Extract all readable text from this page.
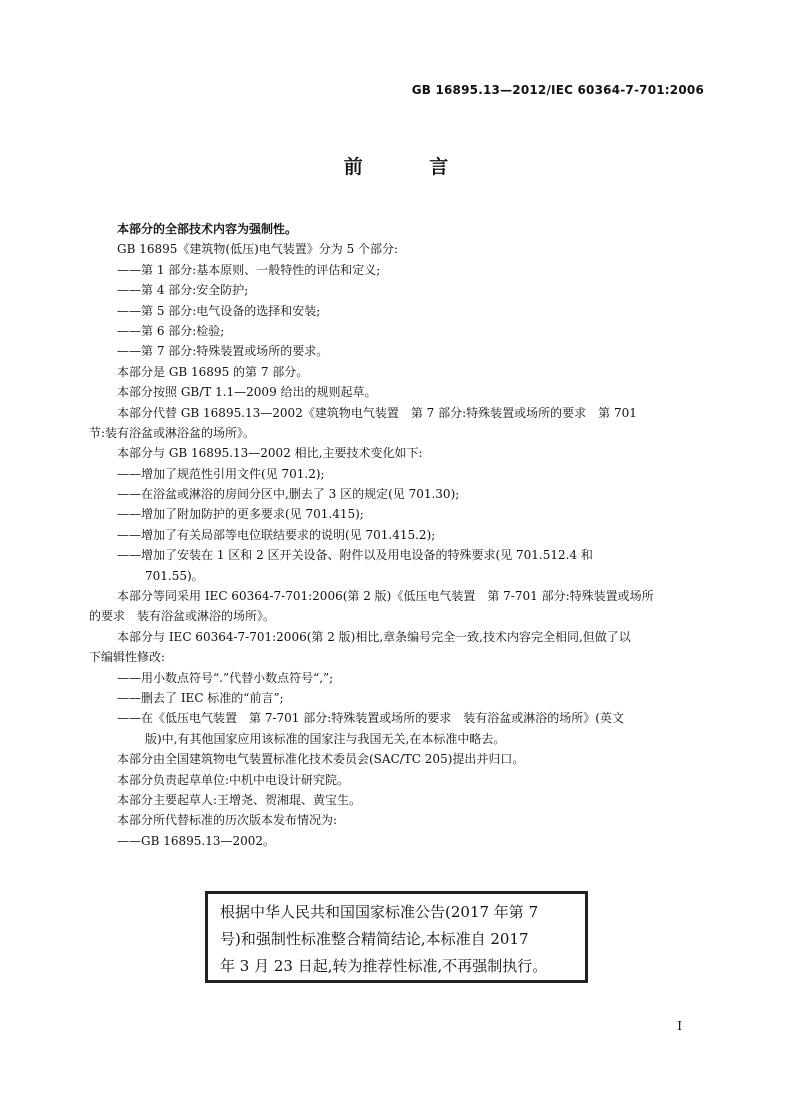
GB 16895.13—2012/IEC 60364-7-701:2006
前 言
本部分的全部技术内容为强制性。
GB 16895《建筑物(低压)电气装置》分为 5 个部分:
——第 1 部分:基本原则、一般特性的评估和定义;
——第 4 部分:安全防护;
——第 5 部分:电气设备的选择和安装;
——第 6 部分:检验;
——第 7 部分:特殊装置或场所的要求。
本部分是 GB 16895 的第 7 部分。
本部分按照 GB/T 1.1—2009 给出的规则起草。
本部分代替 GB 16895.13—2002《建筑物电气装置　第 7 部分:特殊装置或场所的要求　第 701
节:装有浴盆或淋浴盆的场所》。
本部分与 GB 16895.13—2002 相比,主要技术变化如下:
——增加了规范性引用文件(见 701.2);
——在浴盆或淋浴的房间分区中,删去了 3 区的规定(见 701.30);
——增加了附加防护的更多要求(见 701.415);
——增加了有关局部等电位联结要求的说明(见 701.415.2);
——增加了安装在 1 区和 2 区开关设备、附件以及用电设备的特殊要求(见 701.512.4 和
701.55)。
本部分等同采用 IEC 60364-7-701:2006(第 2 版)《低压电气装置　第 7-701 部分:特殊装置或场所
的要求　装有浴盆或淋浴的场所》。
本部分与 IEC 60364-7-701:2006(第 2 版)相比,章条编号完全一致,技术内容完全相同,但做了以
下编辑性修改:
——用小数点符号“.”代替小数点符号“,”;
——删去了 IEC 标准的“前言”;
——在《低压电气装置　第 7-701 部分:特殊装置或场所的要求　装有浴盆或淋浴的场所》(英文
版)中,有其他国家应用该标准的国家注与我国无关,在本标准中略去。
本部分由全国建筑物电气装置标准化技术委员会(SAC/TC 205)提出并归口。
本部分负责起草单位:中机中电设计研究院。
本部分主要起草人:王增尧、贺湘琨、黄宝生。
本部分所代替标准的历次版本发布情况为:
——GB 16895.13—2002。
根据中华人民共和国国家标准公告(2017 年第 7
号)和强制性标准整合精简结论,本标准自 2017
年 3 月 23 日起,转为推荐性标准,不再强制执行。
I
